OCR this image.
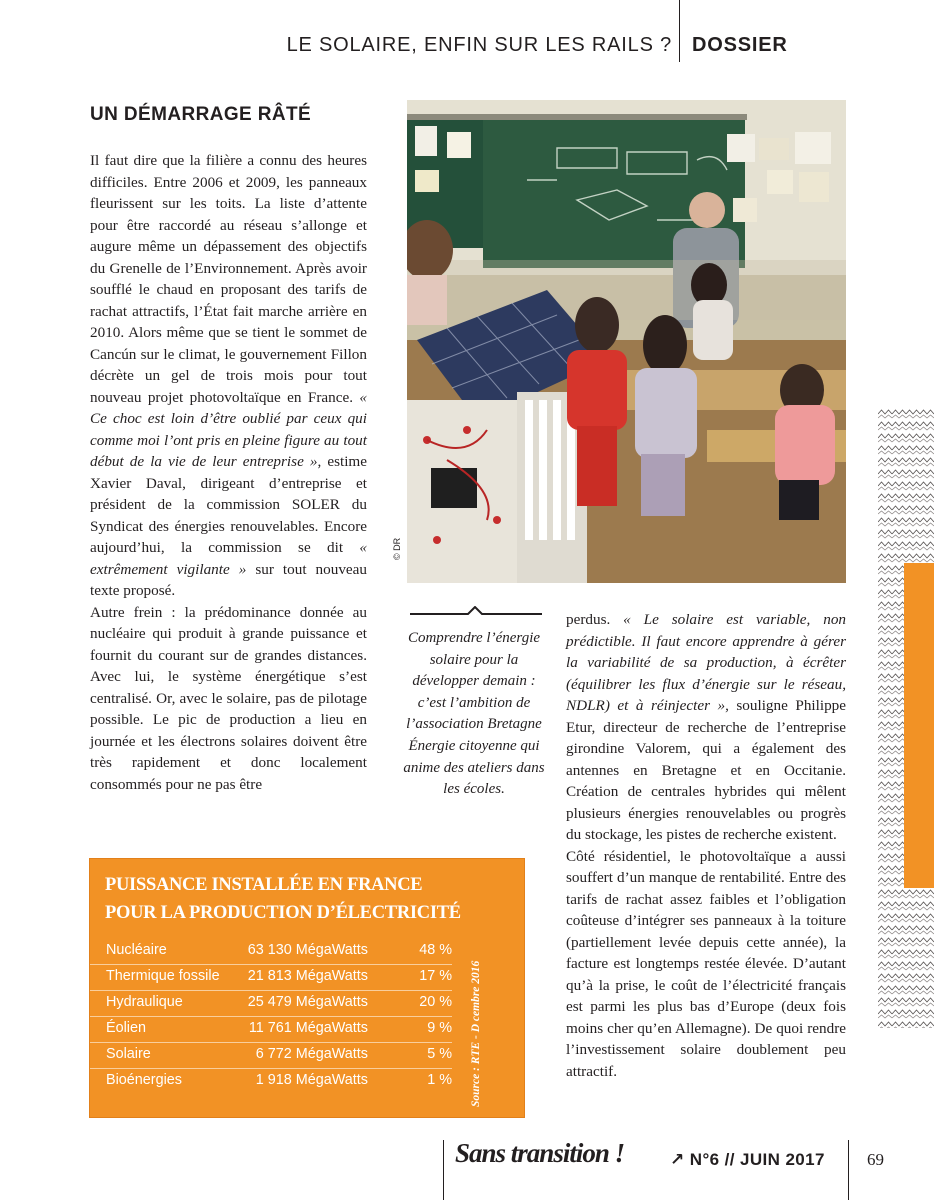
LE SOLAIRE, ENFIN SUR LES RAILS ? DOSSIER
UN DÉMARRAGE RÂTÉ

Il faut dire que la filière a connu des heures difficiles. Entre 2006 et 2009, les panneaux fleurissent sur les toits. La liste d’attente pour être raccordé au réseau s’allonge et augure même un dépassement des objectifs du Grenelle de l’Environnement. Après avoir soufflé le chaud en proposant des tarifs de rachat attractifs, l’État fait marche arrière en 2010. Alors même que se tient le sommet de Cancún sur le climat, le gouvernement Fillon décrète un gel de trois mois pour tout nouveau projet photovoltaïque en France. « Ce choc est loin d’être oublié par ceux qui comme moi l’ont pris en pleine figure au tout début de la vie de leur entreprise », estime Xavier Daval, dirigeant d’entreprise et président de la commission SOLER du Syndicat des énergies renouvelables. Encore aujourd’hui, la commission se dit « extrêmement vigilante » sur tout nouveau texte proposé.

Autre frein : la prédominance donnée au nucléaire qui produit à grande puissance et fournit du courant sur de grandes distances. Avec lui, le système énergétique s’est centralisé. Or, avec le solaire, pas de pilotage possible. Le pic de production a lieu en journée et les électrons solaires doivent être très rapidement et donc localement consommés pour ne pas être

© DR
Comprendre l’énergie solaire pour la développer demain : c’est l’ambition de l’association Bretagne Énergie citoyenne qui anime des ateliers dans les écoles.

perdus. « Le solaire est variable, non prédictible. Il faut encore apprendre à gérer la variabilité de sa production, à écrêter (équilibrer les flux d’énergie sur le réseau, NDLR) et à réinjecter », souligne Philippe Etur, directeur de recherche de l’entreprise girondine Valorem, qui a également des antennes en Bretagne et en Occitanie. Création de centrales hybrides qui mêlent plusieurs énergies renouvelables ou progrès du stockage, les pistes de recherche existent.

Côté résidentiel, le photovoltaïque a aussi souffert d’un manque de rentabilité. Entre des tarifs de rachat assez faibles et l’obligation coûteuse d’intégrer ses panneaux à la toiture (partiellement levée depuis cette année), la facture est longtemps restée élevée. D’autant qu’à la prise, le coût de l’électricité français est parmi les plus bas d’Europe (deux fois moins cher qu’en Allemagne). De quoi rendre l’investissement solaire doublement peu attractif.

PUISSANCE INSTALLÉE EN FRANCE
POUR LA PRODUCTION D’ÉLECTRICITÉ
Nucléaire	63 130 MégaWatts	48 %
Thermique fossile 21 813 MégaWatts	17 %
Hydraulique	25 479 MégaWatts	20 %
Éolien	11 761 MégaWatts	9 %
Solaire	6 772 MégaWatts	5 %
Bioénergies	1 918 MégaWatts	1 % Source : RTE - D cembre 2016
Sans transition !	↗ N°6 // JUIN 2017 69
